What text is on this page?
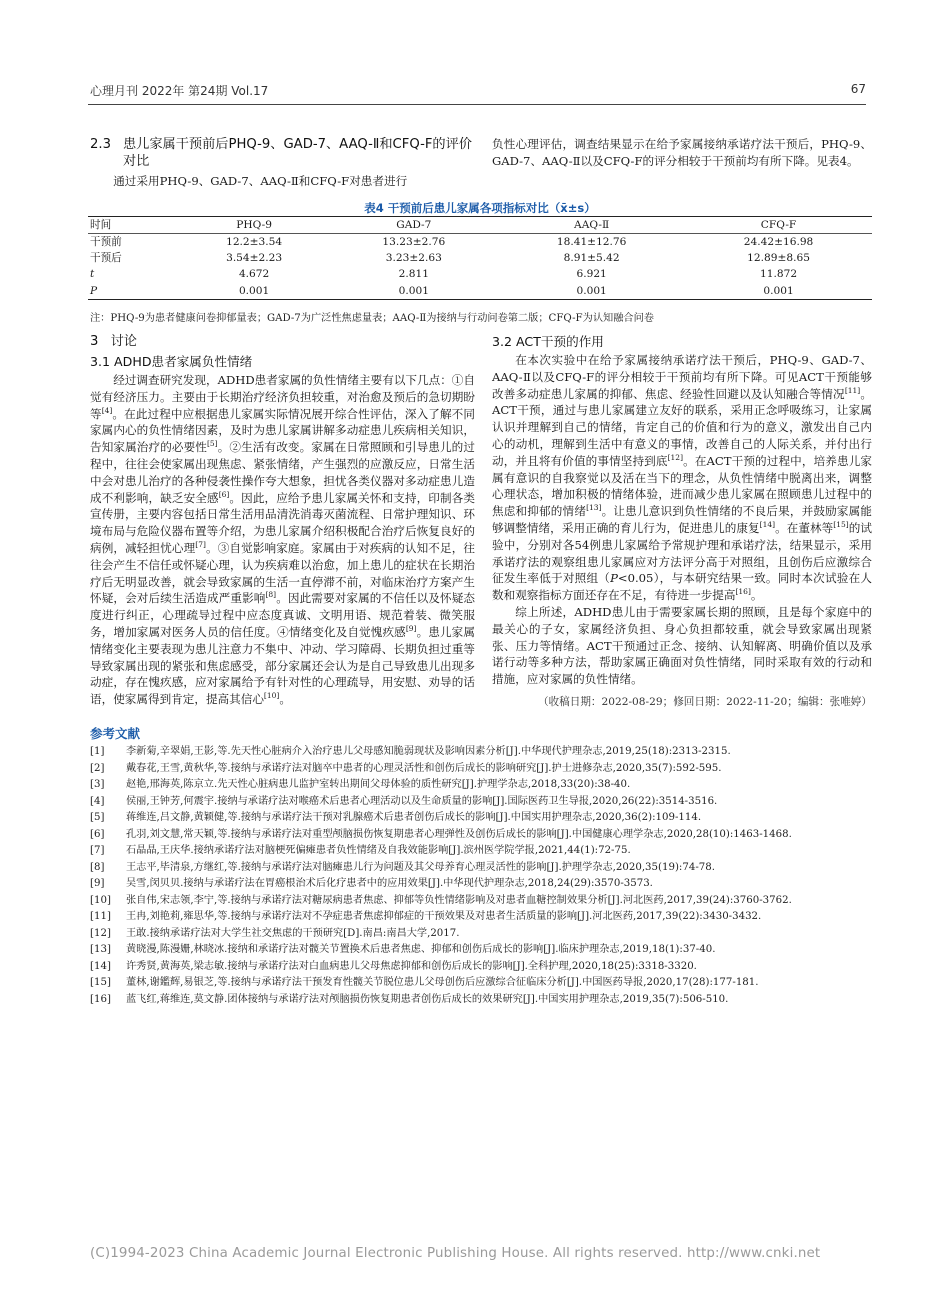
心理月刊 2022年 第24期 Vol.17	67
2.3 患儿家属干预前后PHQ-9、GAD-7、AAQ-Ⅱ和CFQ-F的评价对比
通过采用PHQ-9、GAD-7、AAQ-Ⅱ和CFQ-F对患者进行
负性心理评估，调查结果显示在给予家属接纳承诺疗法干预后，PHQ-9、GAD-7、AAQ-Ⅱ以及CFQ-F的评分相较于干预前均有所下降。见表4。
表4 干预前后患儿家属各项指标对比（x̄±s）
时间	PHQ-9	GAD-7	AAQ-Ⅱ	CFQ-F
干预前	12.2±3.54	13.23±2.76	18.41±12.76	24.42±16.98
干预后	3.54±2.23	3.23±2.63	8.91±5.42	12.89±8.65
t	4.672	2.811	6.921	11.872
P	0.001	0.001	0.001	0.001
注：PHQ-9为患者健康问卷抑郁量表；GAD-7为广泛性焦虑量表；AAQ-Ⅱ为接纳与行动问卷第二版；CFQ-F为认知融合问卷
3 讨论
3.1 ADHD患者家属负性情绪
经过调查研究发现，ADHD患者家属的负性情绪主要有以下几点：①自觉有经济压力。主要由于长期治疗经济负担较重，对治愈及预后的急切期盼等[4]。在此过程中应根据患儿家属实际情况展开综合性评估，深入了解不同家属内心的负性情绪因素，及时为患儿家属讲解多动症患儿疾病相关知识，告知家属治疗的必要性[5]。②生活有改变。家属在日常照顾和引导患儿的过程中，往往会使家属出现焦虑、紧张情绪，产生强烈的应激反应，日常生活中会对患儿治疗的各种侵袭性操作夸大想象，担忧各类仪器对多动症患儿造成不利影响，缺乏安全感[6]。因此，应给予患儿家属关怀和支持，印制各类宣传册，主要内容包括日常生活用品清洗消毒灭菌流程、日常护理知识、环境布局与危险仪器布置等介绍，为患儿家属介绍积极配合治疗后恢复良好的病例，减轻担忧心理[7]。③自觉影响家庭。家属由于对疾病的认知不足，往往会产生不信任或怀疑心理，认为疾病难以治愈，加上患儿的症状在长期治疗后无明显改善，就会导致家属的生活一直停滞不前，对临床治疗方案产生怀疑，会对后续生活造成严重影响[8]。因此需要对家属的不信任以及怀疑态度进行纠正，心理疏导过程中应态度真诚、文明用语、规范着装、微笑服务，增加家属对医务人员的信任度。④情绪变化及自觉愧疚感[9]。患儿家属情绪变化主要表现为患儿注意力不集中、冲动、学习障碍、长期负担过重等导致家属出现的紧张和焦虑感受，部分家属还会认为是自己导致患儿出现多动症，存在愧疚感，应对家属给予有针对性的心理疏导，用安慰、劝导的话语，使家属得到肯定，提高其信心[10]。
3.2 ACT干预的作用
在本次实验中在给予家属接纳承诺疗法干预后，PHQ-9、GAD-7、AAQ-Ⅱ以及CFQ-F的评分相较于干预前均有所下降。可见ACT干预能够改善多动症患儿家属的抑郁、焦虑、经验性回避以及认知融合等情况[11]。ACT干预，通过与患儿家属建立友好的联系，采用正念呼吸练习，让家属认识并理解到自己的情绪，肯定自己的价值和行为的意义，激发出自己内心的动机，理解到生活中有意义的事情，改善自己的人际关系，并付出行动，并且将有价值的事情坚持到底[12]。在ACT干预的过程中，培养患儿家属有意识的自我察觉以及活在当下的理念，从负性情绪中脱离出来，调整心理状态，增加积极的情绪体验，进而减少患儿家属在照顾患儿过程中的焦虑和抑郁的情绪[13]。让患儿意识到负性情绪的不良后果，并鼓励家属能够调整情绪，采用正确的育儿行为，促进患儿的康复[14]。在董林等[15]的试验中，分别对各54例患儿家属给予常规护理和承诺疗法，结果显示，采用承诺疗法的观察组患儿家属应对方法评分高于对照组，且创伤后应激综合征发生率低于对照组（P<0.05），与本研究结果一致。同时本次试验在人数和观察指标方面还存在不足，有待进一步提高[16]。
综上所述，ADHD患儿由于需要家属长期的照顾，且是每个家庭中的最关心的子女，家属经济负担、身心负担都较重，就会导致家属出现紧张、压力等情绪。ACT干预通过正念、接纳、认知解离、明确价值以及承诺行动等多种方法，帮助家属正确面对负性情绪，同时采取有效的行动和措施，应对家属的负性情绪。
（收稿日期：2022-08-29；修回日期：2022-11-20；编辑：张唯婷）
参考文献
[1]	李新菊,辛翠娟,王影,等.先天性心脏病介入治疗患儿父母感知脆弱现状及影响因素分析[J].中华现代护理杂志,2019,25(18):2313-2315.
[2]	戴春花,王雪,黄秋华,等.接纳与承诺疗法对脑卒中患者的心理灵活性和创伤后成长的影响研究[J].护士进修杂志,2020,35(7):592-595.
[3]	赵艳,邢海英,陈京立.先天性心脏病患儿监护室转出期间父母体验的质性研究[J].护理学杂志,2018,33(20):38-40.
[4]	侯丽,王钟芳,何震宇.接纳与承诺疗法对喉癌术后患者心理活动以及生命质量的影响[J].国际医药卫生导报,2020,26(22):3514-3516.
[5]	蒋维连,吕文静,黄颖健,等.接纳与承诺疗法干预对乳腺癌术后患者创伤后成长的影响[J].中国实用护理杂志,2020,36(2):109-114.
[6]	孔羽,刘文慧,常天颖,等.接纳与承诺疗法对重型颅脑损伤恢复期患者心理弹性及创伤后成长的影响[J].中国健康心理学杂志,2020,28(10):1463-1468.
[7]	石晶晶,王庆华.接纳承诺疗法对脑梗死偏瘫患者负性情绪及自我效能影响[J].滨州医学院学报,2021,44(1):72-75.
[8]	王志平,毕清泉,方继红,等.接纳与承诺疗法对脑瘫患儿行为问题及其父母养育心理灵活性的影响[J].护理学杂志,2020,35(19):74-78.
[9]	吴雪,闵贝贝.接纳与承诺疗法在胃癌根治术后化疗患者中的应用效果[J].中华现代护理杂志,2018,24(29):3570-3573.
[10]	张自伟,宋志领,李宁,等.接纳与承诺疗法对糖尿病患者焦虑、抑郁等负性情绪影响及对患者血糖控制效果分析[J].河北医药,2017,39(24):3760-3762.
[11]	王冉,刘艳莉,雍思华,等.接纳与承诺疗法对不孕症患者焦虑抑郁症的干预效果及对患者生活质量的影响[J].河北医药,2017,39(22):3430-3432.
[12]	王敢.接纳承诺疗法对大学生社交焦虑的干预研究[D].南昌:南昌大学,2017.
[13]	黄晓漫,陈漫姗,林晓冰.接纳和承诺疗法对髋关节置换术后患者焦虑、抑郁和创伤后成长的影响[J].临床护理杂志,2019,18(1):37-40.
[14]	许秀贤,黄海英,梁志敏.接纳与承诺疗法对白血病患儿父母焦虑抑郁和创伤后成长的影响[J].全科护理,2020,18(25):3318-3320.
[15]	董林,谢鑑辉,易银芝,等.接纳与承诺疗法干预发育性髋关节脱位患儿父母创伤后应激综合征临床分析[J].中国医药导报,2020,17(28):177-181.
[16]	蓝飞红,蒋维连,莫文静.团体接纳与承诺疗法对颅脑损伤恢复期患者创伤后成长的效果研究[J].中国实用护理杂志,2019,35(7):506-510.
(C)1994-2023 China Academic Journal Electronic Publishing House. All rights reserved. http://www.cnki.net
